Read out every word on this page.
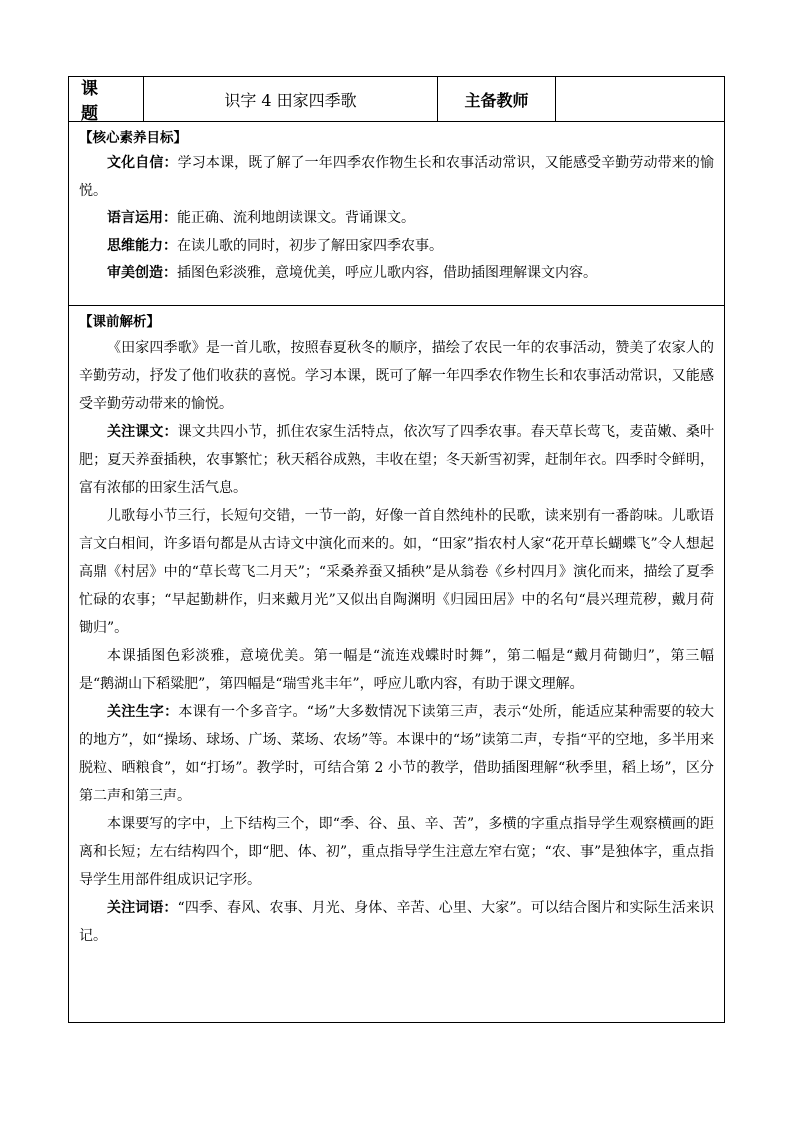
课 题
识字 4 田家四季歌	主备教师
【核心素养目标】

文化自信：学习本课，既了解了一年四季农作物生长和农事活动常识，又能感受辛勤劳动带来的愉悦。

语言运用：能正确、流利地朗读课文。背诵课文。

思维能力：在读儿歌的同时，初步了解田家四季农事。

审美创造：插图色彩淡雅，意境优美，呼应儿歌内容，借助插图理解课文内容。

【课前解析】

《田家四季歌》是一首儿歌，按照春夏秋冬的顺序，描绘了农民一年的农事活动，赞美了农家人的辛勤劳动，抒发了他们收获的喜悦。学习本课，既可了解一年四季农作物生长和农事活动常识，又能感受辛勤劳动带来的愉悦。

关注课文：课文共四小节，抓住农家生活特点，依次写了四季农事。春天草长莺飞，麦苗嫩、桑叶肥；夏天养蚕插秧，农事繁忙；秋天稻谷成熟，丰收在望；冬天新雪初霁，赶制年衣。四季时令鲜明，富有浓郁的田家生活气息。

儿歌每小节三行，长短句交错，一节一韵，好像一首自然纯朴的民歌，读来别有一番韵味。儿歌语言文白相间，许多语句都是从古诗文中演化而来的。如，“田家”指农村人家“花开草长蝴蝶飞”令人想起高鼎《村居》中的“草长莺飞二月天”；“采桑养蚕又插秧”是从翁卷《乡村四月》演化而来，描绘了夏季忙碌的农事；“早起勤耕作，归来戴月光”又似出自陶渊明《归园田居》中的名句“晨兴理荒秽，戴月荷锄归”。

本课插图色彩淡雅，意境优美。第一幅是“流连戏蝶时时舞”，第二幅是“戴月荷锄归”，第三幅是“鹅湖山下稻粱肥”，第四幅是“瑞雪兆丰年”，呼应儿歌内容，有助于课文理解。

关注生字：本课有一个多音字。“场”大多数情况下读第三声，表示“处所，能适应某种需要的较大的地方”，如“操场、球场、广场、菜场、农场”等。本课中的“场”读第二声，专指“平的空地，多半用来脱粒、晒粮食”，如“打场”。教学时，可结合第 2 小节的教学，借助插图理解“秋季里，稻上场”，区分第二声和第三声。

本课要写的字中，上下结构三个，即“季、谷、虽、辛、苦”，多横的字重点指导学生观察横画的距离和长短；左右结构四个，即“肥、体、初”，重点指导学生注意左窄右宽；“农、事”是独体字，重点指导学生用部件组成识记字形。

关注词语：“四季、春风、农事、月光、身体、辛苦、心里、大家”。可以结合图片和实际生活来识记。
